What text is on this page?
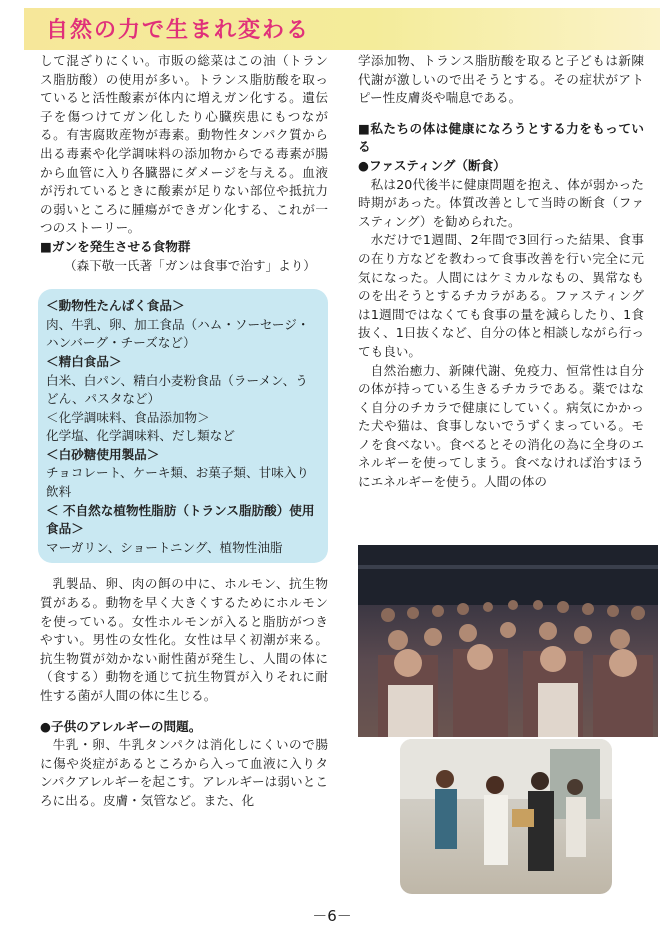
自然の力で生まれ変わる

して混ざりにくい。市販の総菜はこの油（トランス脂肪酸）の使用が多い。トランス脂肪酸を取っていると活性酸素が体内に増えガン化する。遺伝子を傷つけてガン化したり心臓疾患にもつながる。有害腐敗産物が毒素。動物性タンパク質から出る毒素や化学調味料の添加物からでる毒素が腸から血管に入り各臓器にダメージを与える。血液が汚れているときに酸素が足りない部位や抵抗力の弱いところに腫瘍ができガン化する、これが一つのストーリー。

■ガンを発生させる食物群

（森下敬一氏著「ガンは食事で治す」より）

＜動物性たんぱく食品＞
肉、牛乳、卵、加工食品（ハム・ソーセージ・ハンバーグ・チーズなど）
＜精白食品＞
白米、白パン、精白小麦粉食品（ラーメン、うどん、パスタなど）
＜化学調味料、食品添加物＞
化学塩、化学調味料、だし類など
＜白砂糖使用製品＞
チョコレート、ケーキ類、お菓子類、甘味入り飲料
＜ 不自然な植物性脂肪（トランス脂肪酸）使用食品＞
マーガリン、ショートニング、植物性油脂

乳製品、卵、肉の餌の中に、ホルモン、抗生物質がある。動物を早く大きくするためにホルモンを使っている。女性ホルモンが入ると脂肪がつきやすい。男性の女性化。女性は早く初潮が来る。抗生物質が効かない耐性菌が発生し、人間の体に（食する）動物を通じて抗生物質が入りそれに耐性する菌が人間の体に生じる。

●子供のアレルギーの問題。

牛乳・卵、牛乳タンパクは消化しにくいので腸に傷や炎症があるところから入って血液に入りタンパクアレルギーを起こす。アレルギーは弱いところに出る。皮膚・気管など。また、化

学添加物、トランス脂肪酸を取ると子どもは新陳代謝が激しいので出そうとする。その症状がアトピー性皮膚炎や喘息である。

■私たちの体は健康になろうとする力をもっている

●ファスティング（断食）

私は20代後半に健康問題を抱え、体が弱かった時期があった。体質改善として当時の断食（ファスティング）を勧められた。

水だけで1週間、2年間で3回行った結果、食事の在り方などを教わって食事改善を行い完全に元気になった。人間にはケミカルなもの、異常なものを出そうとするチカラがある。ファスティングは1週間ではなくても食事の量を減らしたり、1食抜く、1日抜くなど、自分の体と相談しながら行っても良い。

自然治癒力、新陳代謝、免疫力、恒常性は自分の体が持っている生きるチカラである。薬ではなく自分のチカラで健康にしていく。病気にかかった犬や猫は、食事しないでうずくまっている。モノを食べない。食べるとその消化の為に全身のエネルギーを使ってしまう。食べなければ治すほうにエネルギーを使う。人間の体の

－6－
